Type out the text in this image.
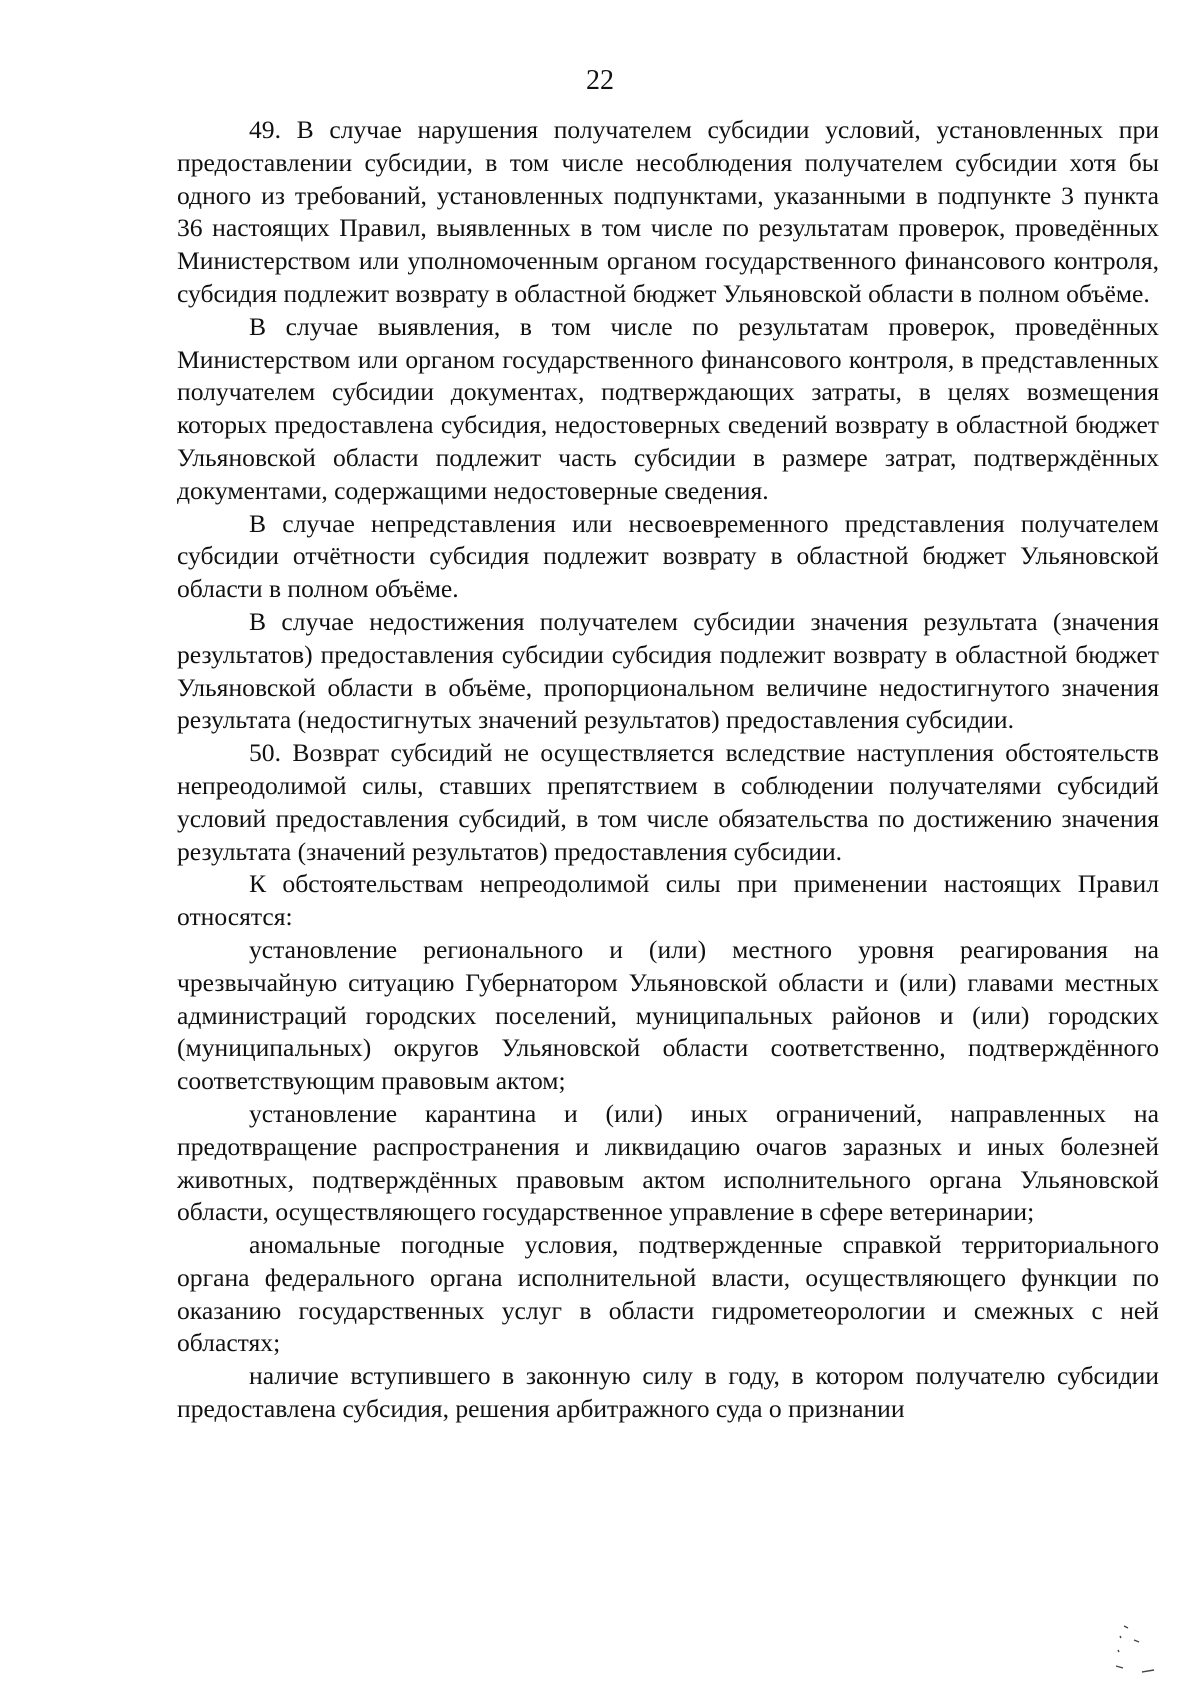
22

49. В случае нарушения получателем субсидии условий, установленных при предоставлении субсидии, в том числе несоблюдения получателем субсидии хотя бы одного из требований, установленных подпунктами, указанными в подпункте 3 пункта 36 настоящих Правил, выявленных в том числе по результатам проверок, проведённых Министерством или уполномоченным органом государственного финансового контроля, субсидия подлежит возврату в областной бюджет Ульяновской области в полном объёме.

В случае выявления, в том числе по результатам проверок, проведённых Министерством или органом государственного финансового контроля, в представленных получателем субсидии документах, подтверждающих затраты, в целях возмещения которых предоставлена субсидия, недостоверных сведений возврату в областной бюджет Ульяновской области подлежит часть субсидии в размере затрат, подтверждённых документами, содержащими недостоверные сведения.

В случае непредставления или несвоевременного представления получателем субсидии отчётности субсидия подлежит возврату в областной бюджет Ульяновской области в полном объёме.

В случае недостижения получателем субсидии значения результата (значения результатов) предоставления субсидии субсидия подлежит возврату в областной бюджет Ульяновской области в объёме, пропорциональном величине недостигнутого значения результата (недостигнутых значений результатов) предоставления субсидии.

50. Возврат субсидий не осуществляется вследствие наступления обстоятельств непреодолимой силы, ставших препятствием в соблюдении получателями субсидий условий предоставления субсидий, в том числе обязательства по достижению значения результата (значений результатов) предоставления субсидии.

К обстоятельствам непреодолимой силы при применении настоящих Правил относятся:

установление регионального и (или) местного уровня реагирования на чрезвычайную ситуацию Губернатором Ульяновской области и (или) главами местных администраций городских поселений, муниципальных районов и (или) городских (муниципальных) округов Ульяновской области соответственно, подтверждённого соответствующим правовым актом;

установление карантина и (или) иных ограничений, направленных на предотвращение распространения и ликвидацию очагов заразных и иных болезней животных, подтверждённых правовым актом исполнительного органа Ульяновской области, осуществляющего государственное управление в сфере ветеринарии;

аномальные погодные условия, подтвержденные справкой территориального органа федерального органа исполнительной власти, осуществляющего функции по оказанию государственных услуг в области гидрометеорологии и смежных с ней областях;

наличие вступившего в законную силу в году, в котором получателю субсидии предоставлена субсидия, решения арбитражного суда о признании
